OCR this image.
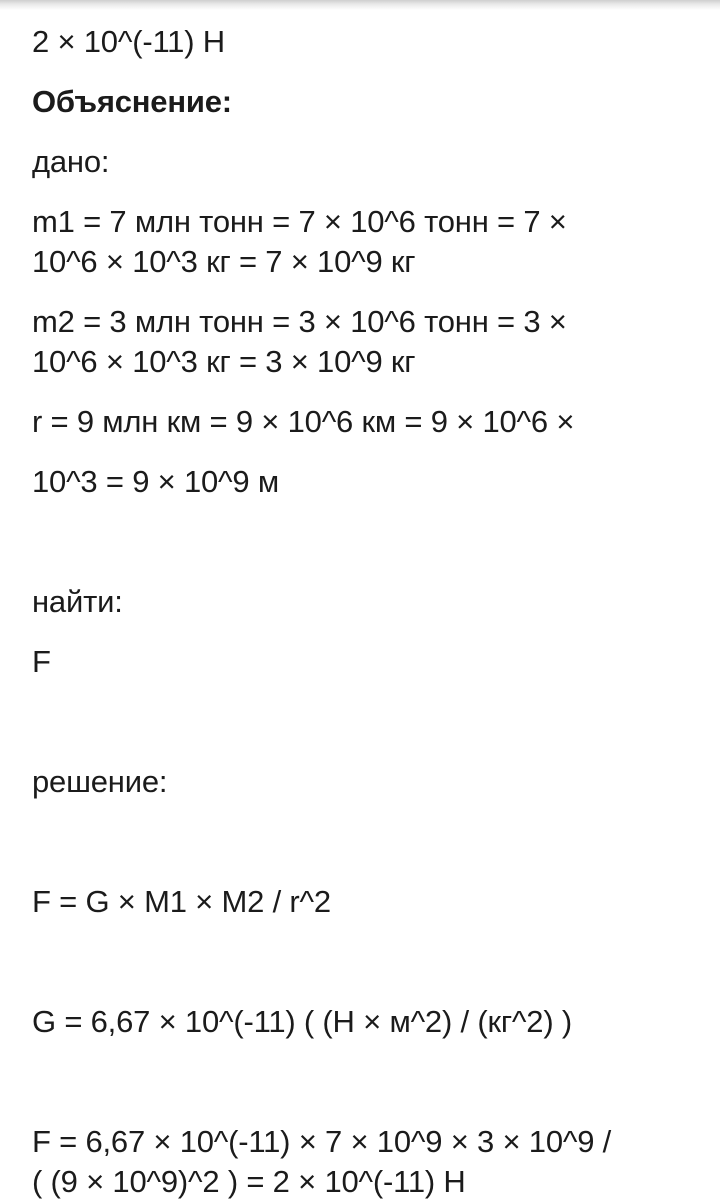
2 × 10^(-11) Н
Объяснение:
дано:
m1 = 7 млн тонн = 7 × 10^6 тонн = 7 ×
10^6 × 10^3 кг = 7 × 10^9 кг
m2 = 3 млн тонн = 3 × 10^6 тонн = 3 ×
10^6 × 10^3 кг = 3 × 10^9 кг
r = 9 млн км = 9 × 10^6 км = 9 × 10^6 ×
10^3 = 9 × 10^9 м
найти:
F
решение:
F = G × M1 × M2 / r^2
G = 6,67 × 10^(-11) ( (Н × м^2) / (кг^2) )
F = 6,67 × 10^(-11) × 7 × 10^9 × 3 × 10^9 /
( (9 × 10^9)^2 ) = 2 × 10^(-11) Н
